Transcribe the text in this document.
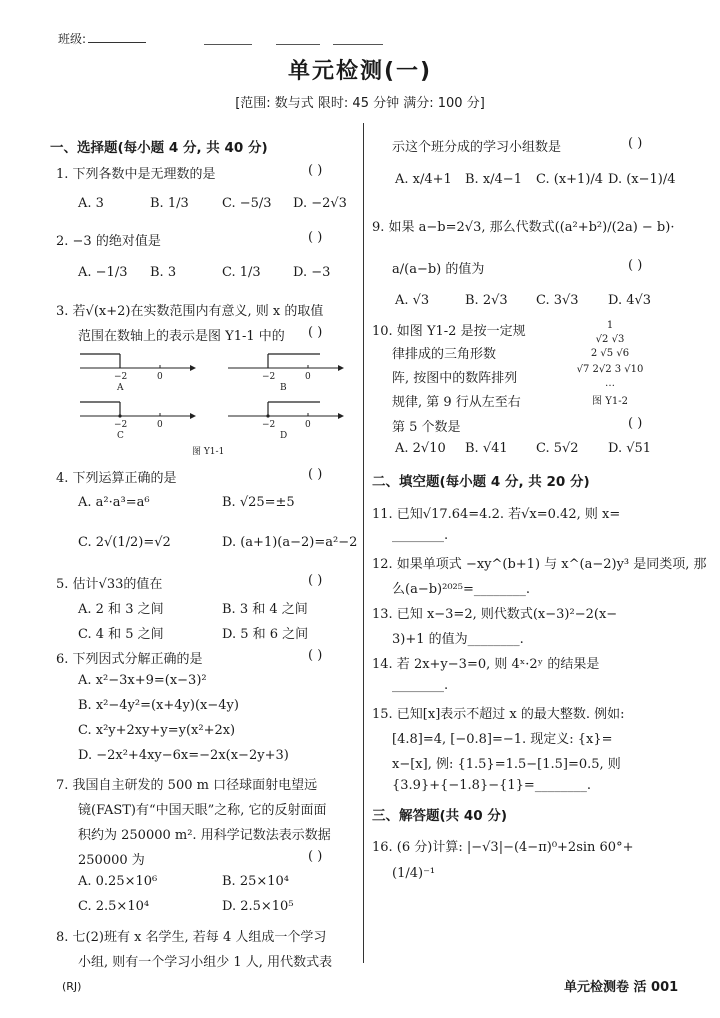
班级:
单元检测(一)
[范围: 数与式 限时: 45 分钟 满分: 100 分]
一、选择题(每小题 4 分, 共 40 分)
1. 下列各数中是无理数的是	( )
A. 3	B. 1/3	C. −5/3 D. −2√3
2. −3 的绝对值是	( )
A. −1/3 B. 3	C. 1/3 D. −3
3. 若√(x+2)在实数范围内有意义, 则 x 的取值
范围在数轴上的表示是图 Y1-1 中的 ( )
−2	0
A
−2	0
B
−2	0
C
−2	0
D
图 Y1-1
4. 下列运算正确的是	( )
A. a²·a³=a⁶	B. √25=±5
C. 2√(1/2)=√2	D. (a+1)(a−2)=a²−2
5. 估计√33的值在	( )
A. 2 和 3 之间	B. 3 和 4 之间
C. 4 和 5 之间	D. 5 和 6 之间
6. 下列因式分解正确的是	( )
A. x²−3x+9=(x−3)²
B. x²−4y²=(x+4y)(x−4y)
C. x²y+2xy+y=y(x²+2x)
D. −2x²+4xy−6x=−2x(x−2y+3)
7. 我国自主研发的 500 m 口径球面射电望远
镜(FAST)有“中国天眼”之称, 它的反射面面
积约为 250000 m². 用科学记数法表示数据
250000 为	( )
A. 0.25×10⁶	B. 25×10⁴
C. 2.5×10⁴	D. 2.5×10⁵
8. 七(2)班有 x 名学生, 若每 4 人组成一个学习
小组, 则有一个学习小组少 1 人, 用代数式表
示这个班分成的学习小组数是	( )
A. x/4+1 B. x/4−1 C. (x+1)/4 D. (x−1)/4
9. 如果 a−b=2√3, 那么代数式((a²+b²)/(2a) − b)·
a/(a−b) 的值为	( )
A. √3	B. 2√3 C. 3√3 D. 4√3
10. 如图 Y1-2 是按一定规
律排成的三角形数
阵, 按图中的数阵排列
规律, 第 9 行从左至右
第 5 个数是	( )
1
√2 √3
2 √5 √6
√7 2√2 3 √10
…
图 Y1-2
A. 2√10 B. √41 C. 5√2 D. √51
二、填空题(每小题 4 分, 共 20 分)
11. 已知√17.64=4.2. 若√x=0.42, 则 x=
________.
12. 如果单项式 −xy^(b+1) 与 x^(a−2)y³ 是同类项, 那
么(a−b)²⁰²⁵=________.
13. 已知 x−3=2, 则代数式(x−3)²−2(x−
3)+1 的值为________.
14. 若 2x+y−3=0, 则 4ˣ·2ʸ 的结果是
________.
15. 已知[x]表示不超过 x 的最大整数. 例如:
[4.8]=4, [−0.8]=−1. 现定义: {x}=
x−[x], 例: {1.5}=1.5−[1.5]=0.5, 则
{3.9}+{−1.8}−{1}=________.
三、解答题(共 40 分)
16. (6 分)计算: |−√3|−(4−π)⁰+2sin 60°+
(1/4)⁻¹
(RJ)	单元检测卷 活 001
